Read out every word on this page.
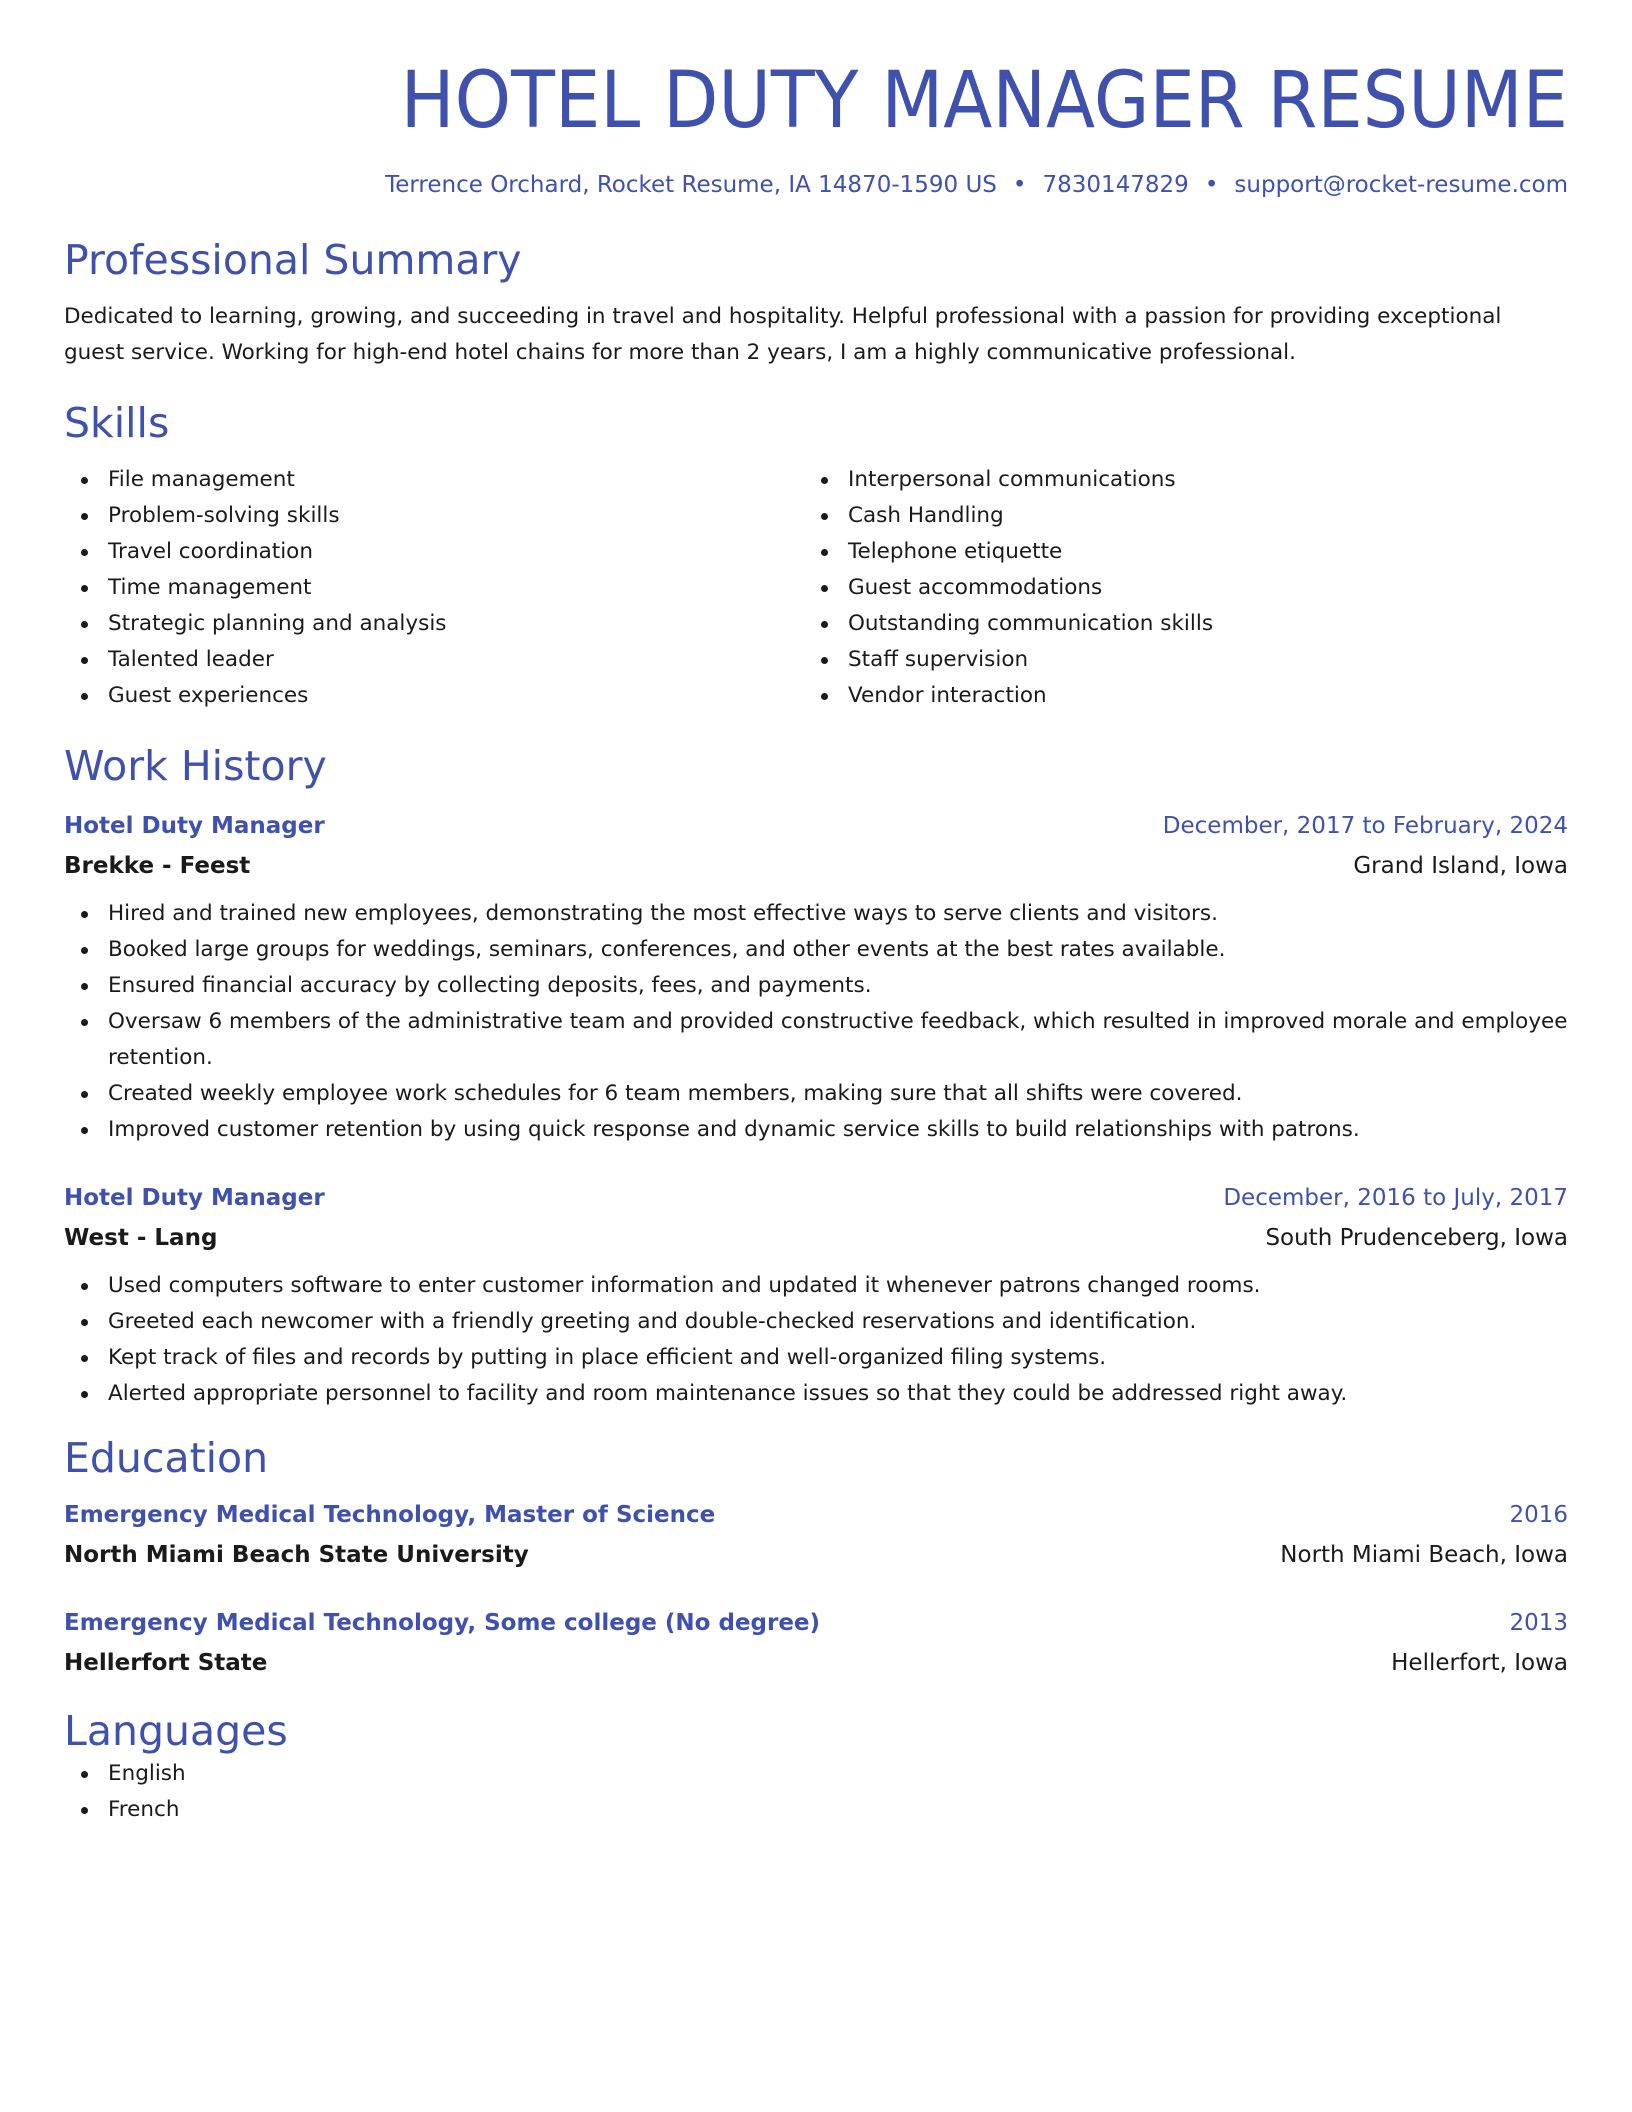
HOTEL DUTY MANAGER RESUME
Terrence Orchard, Rocket Resume, IA 14870-1590 US • 7830147829 • support@rocket-resume.com
Professional Summary

Dedicated to learning, growing, and succeeding in travel and hospitality. Helpful professional with a passion for providing exceptional guest service. Working for high-end hotel chains for more than 2 years, I am a highly communicative professional.

Skills
File management
Problem-solving skills
Travel coordination
Time management
Strategic planning and analysis
Talented leader
Guest experiences
Interpersonal communications
Cash Handling
Telephone etiquette
Guest accommodations
Outstanding communication skills
Staff supervision
Vendor interaction
Work History
Hotel Duty Manager	December, 2017 to February, 2024
Brekke - Feest	Grand Island, Iowa
Hired and trained new employees, demonstrating the most effective ways to serve clients and visitors.
Booked large groups for weddings, seminars, conferences, and other events at the best rates available.
Ensured financial accuracy by collecting deposits, fees, and payments.
Oversaw 6 members of the administrative team and provided constructive feedback, which resulted in improved morale and employee retention.
Created weekly employee work schedules for 6 team members, making sure that all shifts were covered.
Improved customer retention by using quick response and dynamic service skills to build relationships with patrons.
Hotel Duty Manager	December, 2016 to July, 2017
West - Lang	South Prudenceberg, Iowa
Used computers software to enter customer information and updated it whenever patrons changed rooms.
Greeted each newcomer with a friendly greeting and double-checked reservations and identification.
Kept track of files and records by putting in place efficient and well-organized filing systems.
Alerted appropriate personnel to facility and room maintenance issues so that they could be addressed right away.
Education
Emergency Medical Technology, Master of Science	2016
North Miami Beach State University	North Miami Beach, Iowa
Emergency Medical Technology, Some college (No degree)	2013
Hellerfort State	Hellerfort, Iowa
Languages
English
French
